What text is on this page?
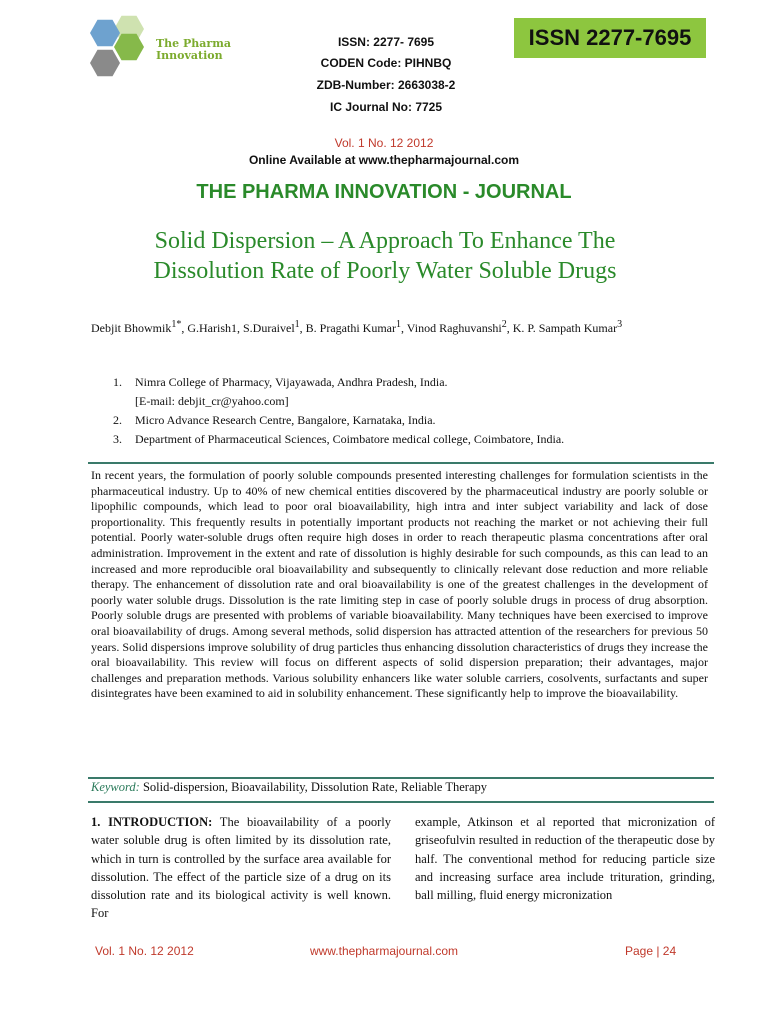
The Pharma
Innovation
ISSN: 2277- 7695
CODEN Code: PIHNBQ
ZDB-Number: 2663038-2
IC Journal No: 7725
ISSN 2277-7695
Vol. 1 No. 12 2012
Online Available at www.thepharmajournal.com
THE PHARMA INNOVATION - JOURNAL
Solid Dispersion – A Approach To Enhance The
Dissolution Rate of Poorly Water Soluble Drugs
Debjit Bhowmik$^{1*}$, G.Harish1, S.Duraivel$^1$, B. Pragathi Kumar$^1$, Vinod Raghuvanshi$^2$, K. P. Sampath Kumar$^3$
1.	Nimra College of Pharmacy, Vijayawada, Andhra Pradesh, India.
[E-mail: debjit_cr@yahoo.com]
2.	Micro Advance Research Centre, Bangalore, Karnataka, India.
3.	Department of Pharmaceutical Sciences, Coimbatore medical college, Coimbatore, India.
In recent years, the formulation of poorly soluble compounds presented interesting challenges for formulation scientists in the pharmaceutical industry. Up to 40% of new chemical entities discovered by the pharmaceutical industry are poorly soluble or lipophilic compounds, which lead to poor oral bioavailability, high intra and inter subject variability and lack of dose proportionality. This frequently results in potentially important products not reaching the market or not achieving their full potential. Poorly water-soluble drugs often require high doses in order to reach therapeutic plasma concentrations after oral administration. Improvement in the extent and rate of dissolution is highly desirable for such compounds, as this can lead to an increased and more reproducible oral bioavailability and subsequently to clinically relevant dose reduction and more reliable therapy. The enhancement of dissolution rate and oral bioavailability is one of the greatest challenges in the development of poorly water soluble drugs. Dissolution is the rate limiting step in case of poorly soluble drugs in process of drug absorption. Poorly soluble drugs are presented with problems of variable bioavailability. Many techniques have been exercised to improve oral bioavailability of drugs. Among several methods, solid dispersion has attracted attention of the researchers for previous 50 years. Solid dispersions improve solubility of drug particles thus enhancing dissolution characteristics of drugs they increase the oral bioavailability. This review will focus on different aspects of solid dispersion preparation; their advantages, major challenges and preparation methods. Various solubility enhancers like water soluble carriers, cosolvents, surfactants and super disintegrates have been examined to aid in solubility enhancement. These significantly help to improve the bioavailability.
Keyword: Solid-dispersion, Bioavailability, Dissolution Rate, Reliable Therapy
1. INTRODUCTION: The bioavailability of a poorly water soluble drug is often limited by its dissolution rate, which in turn is controlled by the surface area available for dissolution. The effect of the particle size of a drug on its dissolution rate and its biological activity is well known. For
example, Atkinson et al reported that micronization of griseofulvin resulted in reduction of the therapeutic dose by half. The conventional method for reducing particle size and increasing surface area include trituration, grinding, ball milling, fluid energy micronization
Vol. 1 No. 12 2012	www.thepharmajournal.com	Page | 24
